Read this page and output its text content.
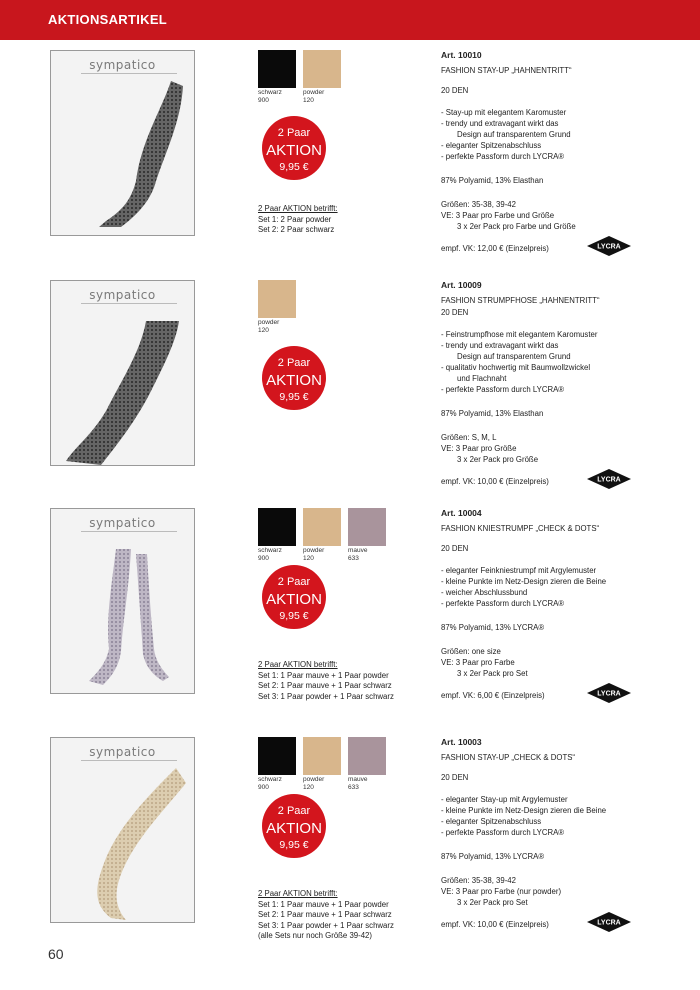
AKTIONSARTIKEL
sympatico
schwarz
900
powder
120
2 Paar
AKTION
9,95 €
2 Paar AKTION betrifft:
Set 1: 2 Paar powder
Set 2: 2 Paar schwarz
Art. 10010
FASHION STAY-UP „HAHNENTRITT“
20 DEN
- Stay-up mit elegantem Karomuster
- trendy und extravagant wirkt das
Design auf transparentem Grund
- eleganter Spitzenabschluss
- perfekte Passform durch LYCRA®
87% Polyamid, 13% Elasthan
Größen: 35-38, 39-42
VE: 3 Paar pro Farbe und Größe
3 x 2er Pack pro Farbe und Größe
empf. VK: 12,00 € (Einzelpreis)	LYCRA
sympatico
powder
120
2 Paar
AKTION
9,95 €
Art. 10009
FASHION STRUMPFHOSE „HAHNENTRITT“
20 DEN
- Feinstrumpfhose mit elegantem Karomuster
- trendy und extravagant wirkt das
Design auf transparentem Grund
- qualitativ hochwertig mit Baumwollzwickel
und Flachnaht
- perfekte Passform durch LYCRA®
87% Polyamid, 13% Elasthan
Größen: S, M, L
VE: 3 Paar pro Größe
3 x 2er Pack pro Größe
empf. VK: 10,00 € (Einzelpreis)	LYCRA
sympatico
schwarz
900
powder
120
mauve
633
2 Paar
AKTION
9,95 €
2 Paar AKTION betrifft:
Set 1: 1 Paar mauve + 1 Paar powder
Set 2: 1 Paar mauve + 1 Paar schwarz
Set 3: 1 Paar powder + 1 Paar schwarz
Art. 10004
FASHION KNIESTRUMPF „CHECK & DOTS“
20 DEN
- eleganter Feinkniestrumpf mit Argylemuster
- kleine Punkte im Netz-Design zieren die Beine
- weicher Abschlussbund
- perfekte Passform durch LYCRA®
87% Polyamid, 13% LYCRA®
Größen: one size
VE: 3 Paar pro Farbe
3 x 2er Pack pro Set
empf. VK: 6,00 € (Einzelpreis)	LYCRA
sympatico
schwarz
900
powder
120
mauve
633
2 Paar
AKTION
9,95 €
2 Paar AKTION betrifft:
Set 1: 1 Paar mauve + 1 Paar powder
Set 2: 1 Paar mauve + 1 Paar schwarz
Set 3: 1 Paar powder + 1 Paar schwarz
(alle Sets nur noch Größe 39-42)
Art. 10003
FASHION STAY-UP „CHECK & DOTS“
20 DEN
- eleganter Stay-up mit Argylemuster
- kleine Punkte im Netz-Design zieren die Beine
- eleganter Spitzenabschluss
- perfekte Passform durch LYCRA®
87% Polyamid, 13% LYCRA®
Größen: 35-38, 39-42
VE: 3 Paar pro Farbe (nur powder)
3 x 2er Pack pro Set
empf. VK: 10,00 € (Einzelpreis)	LYCRA
60
